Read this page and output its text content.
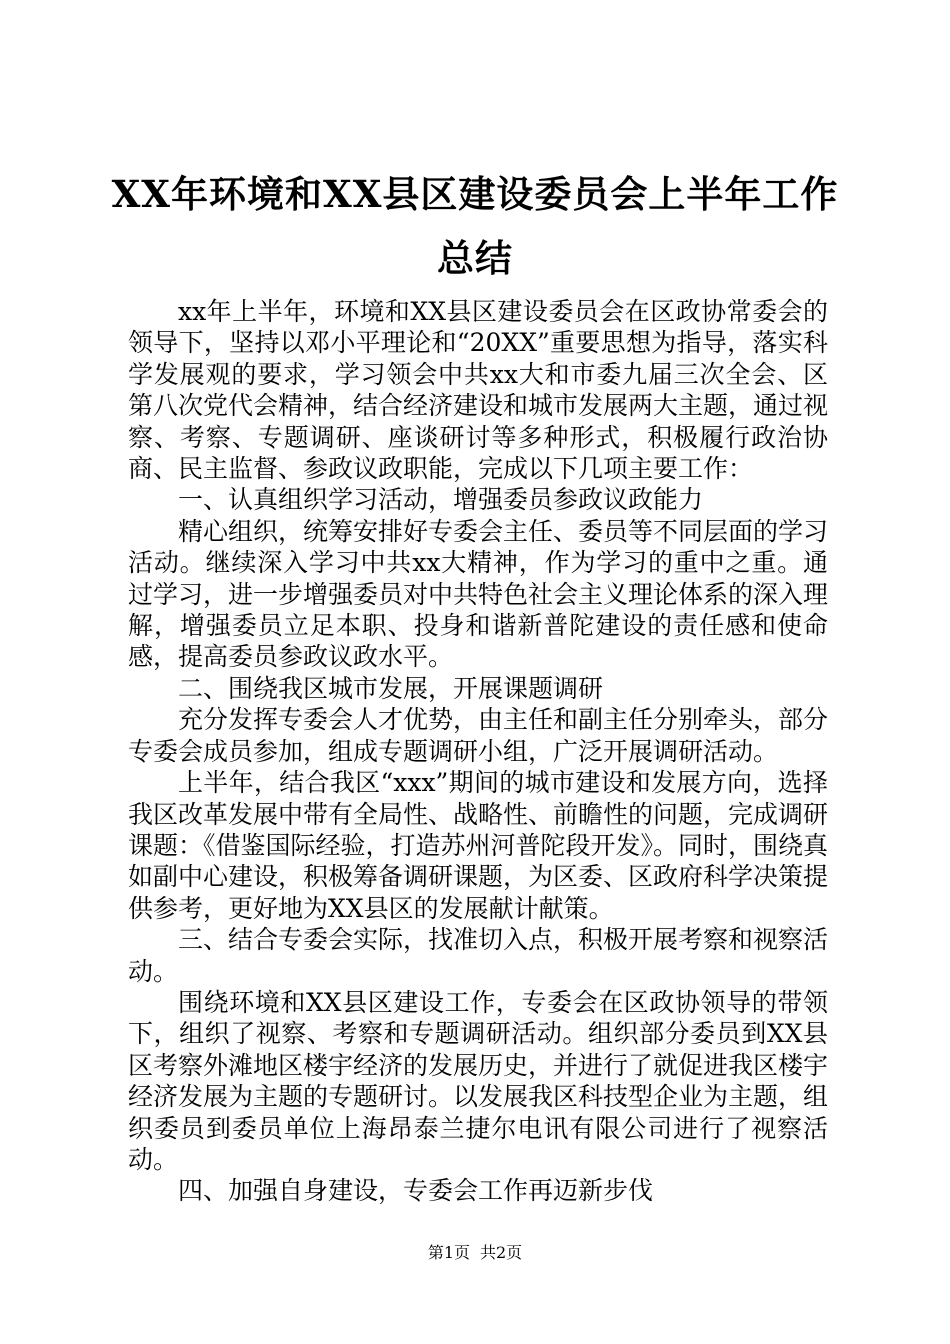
XX年环境和XX县区建设委员会上半年工作总结

xx年上半年，环境和XX县区建设委员会在区政协常委会的领导下，坚持以邓小平理论和“20XX”重要思想为指导，落实科学发展观的要求，学习领会中共xx大和市委九届三次全会、区第八次党代会精神，结合经济建设和城市发展两大主题，通过视察、考察、专题调研、座谈研讨等多种形式，积极履行政治协商、民主监督、参政议政职能，完成以下几项主要工作：

一、认真组织学习活动，增强委员参政议政能力

精心组织，统筹安排好专委会主任、委员等不同层面的学习活动。继续深入学习中共xx大精神，作为学习的重中之重。通过学习，进一步增强委员对中共特色社会主义理论体系的深入理解，增强委员立足本职、投身和谐新普陀建设的责任感和使命感，提高委员参政议政水平。

二、围绕我区城市发展，开展课题调研

充分发挥专委会人才优势，由主任和副主任分别牵头，部分专委会成员参加，组成专题调研小组，广泛开展调研活动。

上半年，结合我区“xxx”期间的城市建设和发展方向，选择我区改革发展中带有全局性、战略性、前瞻性的问题，完成调研课题：《借鉴国际经验，打造苏州河普陀段开发》。同时，围绕真如副中心建设，积极筹备调研课题，为区委、区政府科学决策提供参考，更好地为XX县区的发展献计献策。

三、结合专委会实际，找准切入点，积极开展考察和视察活动。

围绕环境和XX县区建设工作，专委会在区政协领导的带领下，组织了视察、考察和专题调研活动。组织部分委员到XX县区考察外滩地区楼宇经济的发展历史，并进行了就促进我区楼宇经济发展为主题的专题研讨。以发展我区科技型企业为主题，组织委员到委员单位上海昂泰兰捷尔电讯有限公司进行了视察活动。

四、加强自身建设，专委会工作再迈新步伐

第1页 共2页
